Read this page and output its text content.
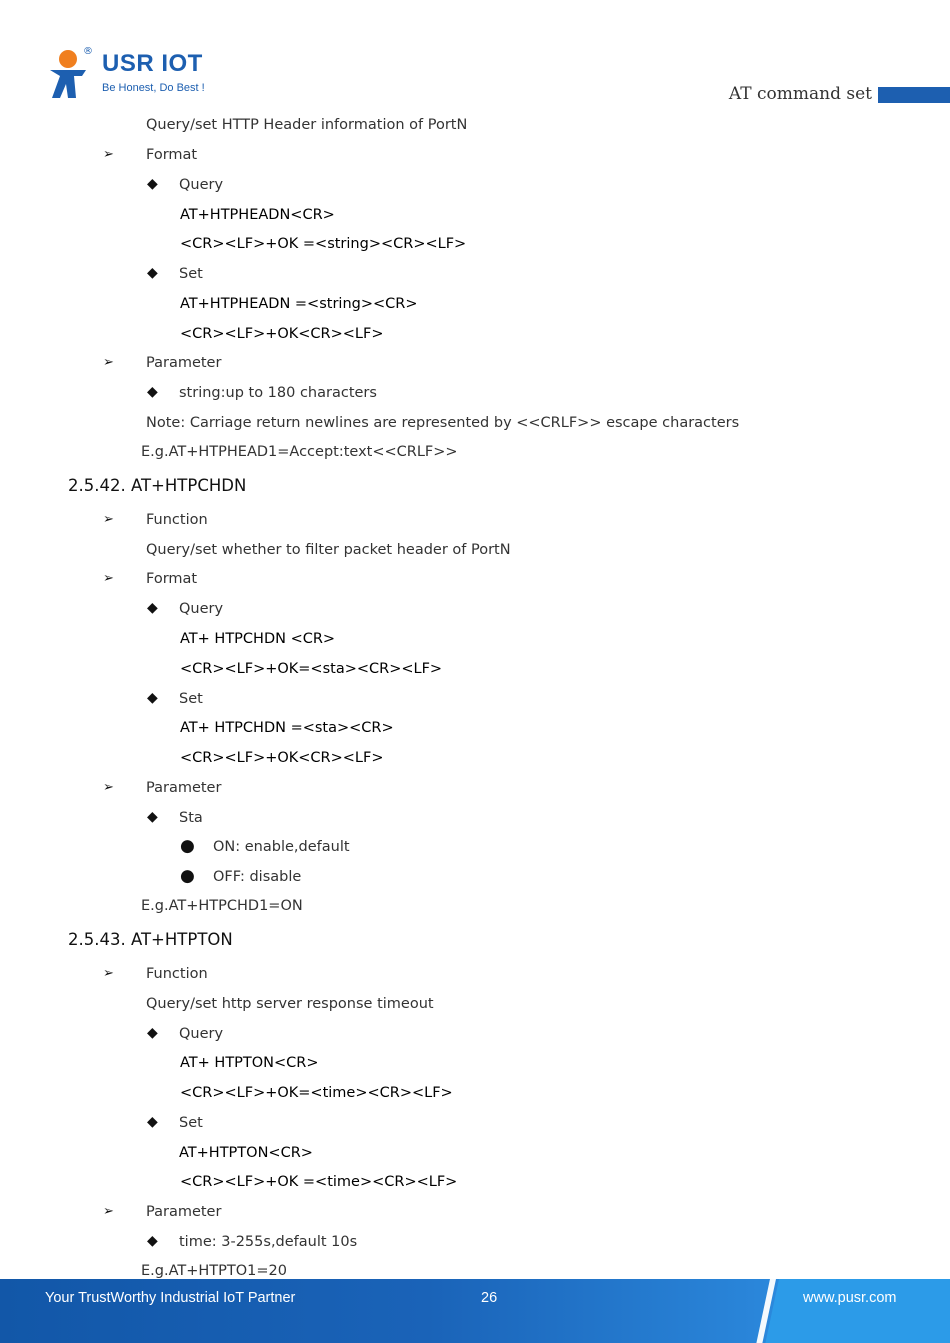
® USR IOT
Be Honest, Do Best !	AT command set
Query/set HTTP Header information of PortN
➢ Format
◆ Query
AT+HTPHEADN<CR>
<CR><LF>+OK =<string><CR><LF>
◆ Set
AT+HTPHEADN =<string><CR>
<CR><LF>+OK<CR><LF>
➢ Parameter
◆ string:up to 180 characters
Note: Carriage return newlines are represented by <<CRLF>> escape characters
E.g.AT+HTPHEAD1=Accept:text<<CRLF>>
2.5.42. AT+HTPCHDN
➢ Function
Query/set whether to filter packet header of PortN
➢ Format
◆ Query
AT+ HTPCHDN <CR>
<CR><LF>+OK=<sta><CR><LF>
◆ Set
AT+ HTPCHDN =<sta><CR>
<CR><LF>+OK<CR><LF>
➢ Parameter
◆ Sta
● ON: enable,default
● OFF: disable
E.g.AT+HTPCHD1=ON
2.5.43. AT+HTPTON
➢ Function
Query/set http server response timeout
◆ Query
AT+ HTPTON<CR>
<CR><LF>+OK=<time><CR><LF>
◆ Set
AT+HTPTON<CR>
<CR><LF>+OK =<time><CR><LF>
➢ Parameter
◆ time: 3-255s,default 10s
E.g.AT+HTPTO1=20
Your TrustWorthy Industrial IoT Partner	26	www.pusr.com
